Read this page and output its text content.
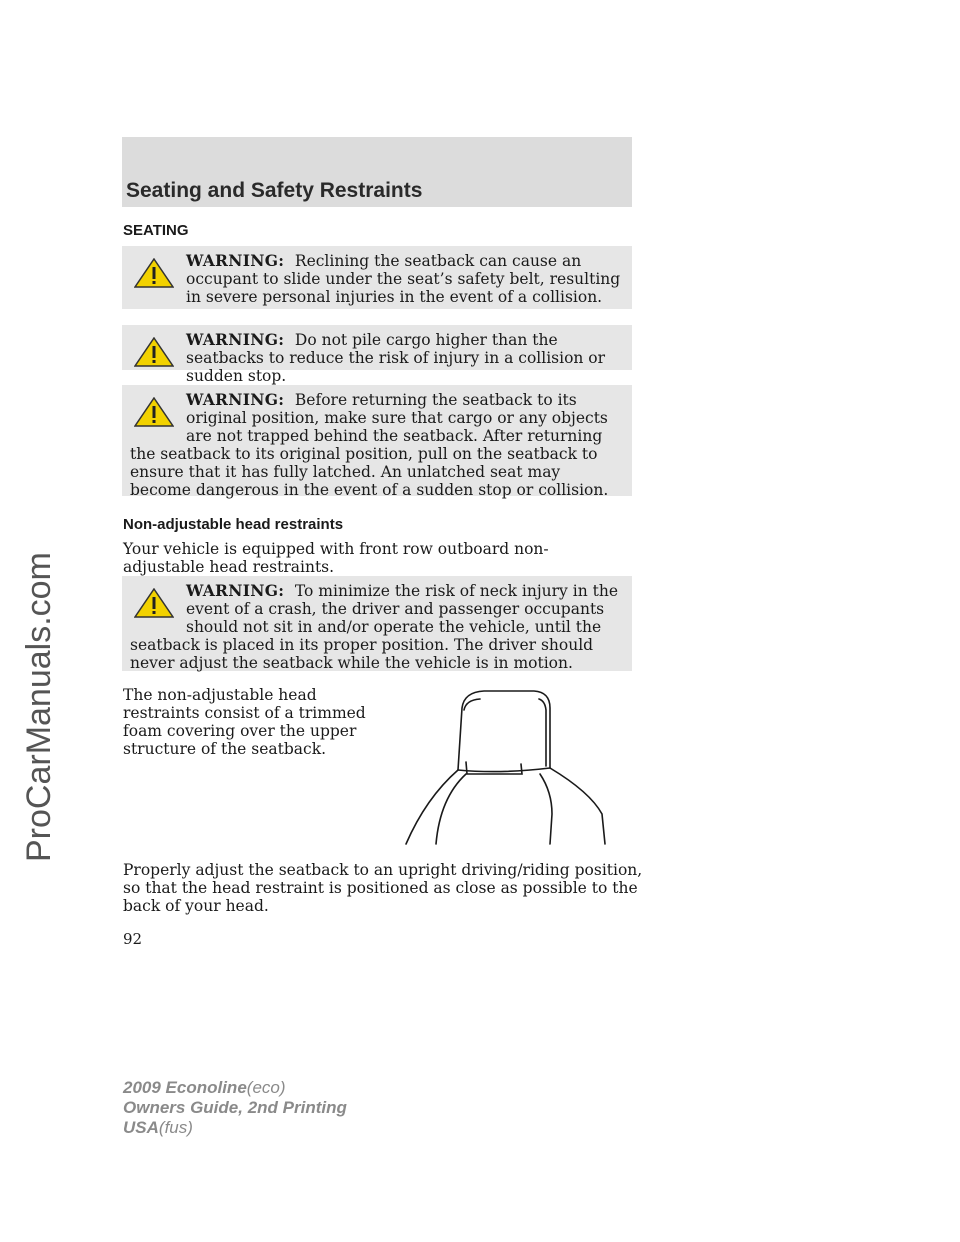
ProCarManuals.com
Seating and Safety Restraints
SEATING
WARNING:  Reclining the seatback can cause an occupant to slide under the seat’s safety belt, resulting in severe personal injuries in the event of a collision.
WARNING:  Do not pile cargo higher than the seatbacks to reduce the risk of injury in a collision or sudden stop.
WARNING:  Before returning the seatback to its original position, make sure that cargo or any objects are not trapped behind the seatback. After returning the seatback to its original position, pull on the seatback to ensure that it has fully latched. An unlatched seat may become dangerous in the event of a sudden stop or collision.
Non-adjustable head restraints
Your vehicle is equipped with front row outboard non-adjustable head restraints.
WARNING:  To minimize the risk of neck injury in the event of a crash, the driver and passenger occupants should not sit in and/or operate the vehicle, until the seatback is placed in its proper position. The driver should never adjust the seatback while the vehicle is in motion.
The non-adjustable head restraints consist of a trimmed foam covering over the upper structure of the seatback.
Properly adjust the seatback to an upright driving/riding position, so that the head restraint is positioned as close as possible to the back of your head.
92
2009 Econoline(eco)
Owners Guide, 2nd Printing
USA(fus)
